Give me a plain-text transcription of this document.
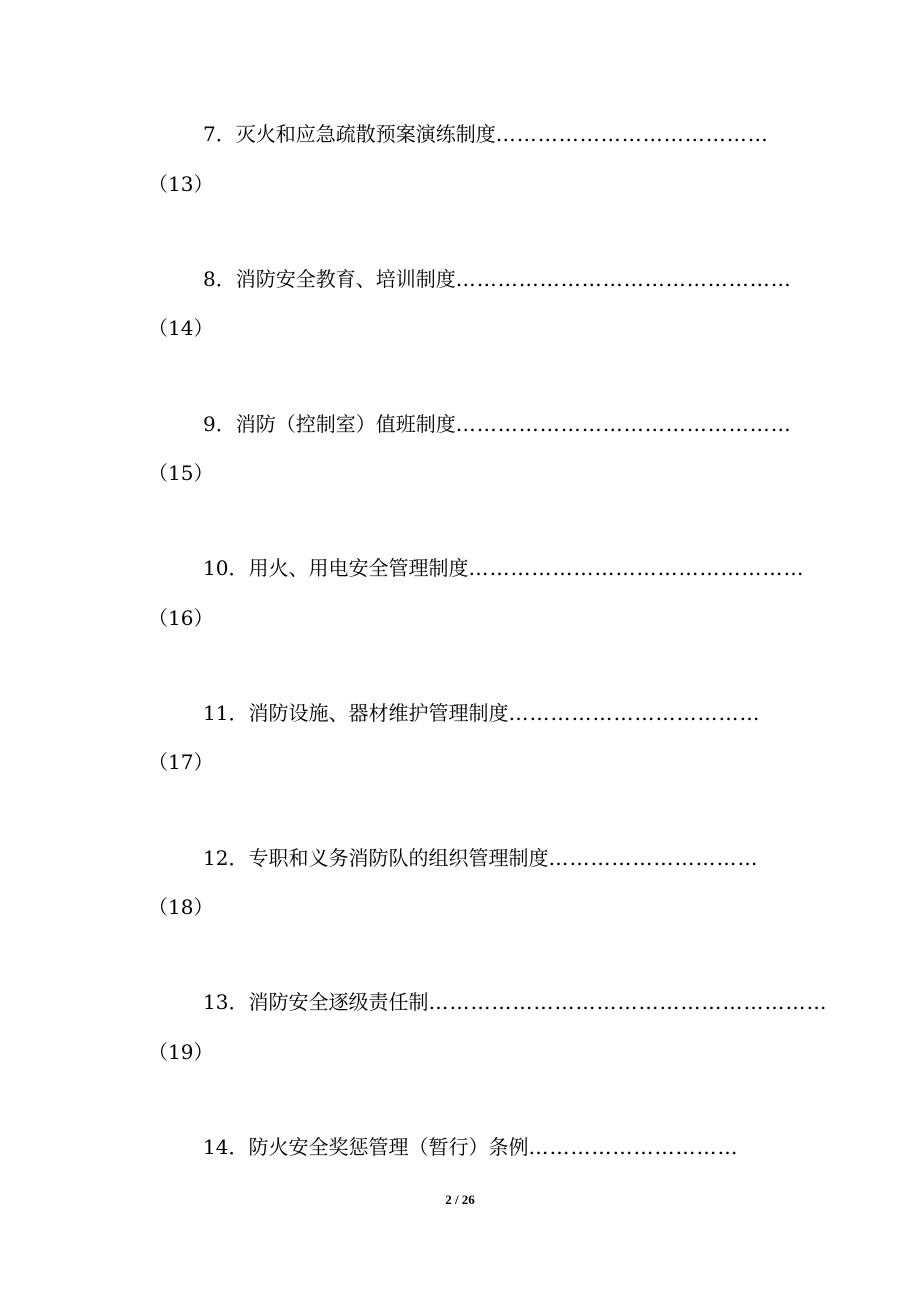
7．灭火和应急疏散预案演练制度…………………………………
（13）
8．消防安全教育、培训制度…………………………………………
（14）
9．消防（控制室）值班制度…………………………………………
（15）
10．用火、用电安全管理制度…………………………………………
（16）
11．消防设施、器材维护管理制度………………………………
（17）
12．专职和义务消防队的组织管理制度…………………………
（18）
13．消防安全逐级责任制…………………………………………………
（19）
14．防火安全奖惩管理（暂行）条例…………………………
2 / 26
